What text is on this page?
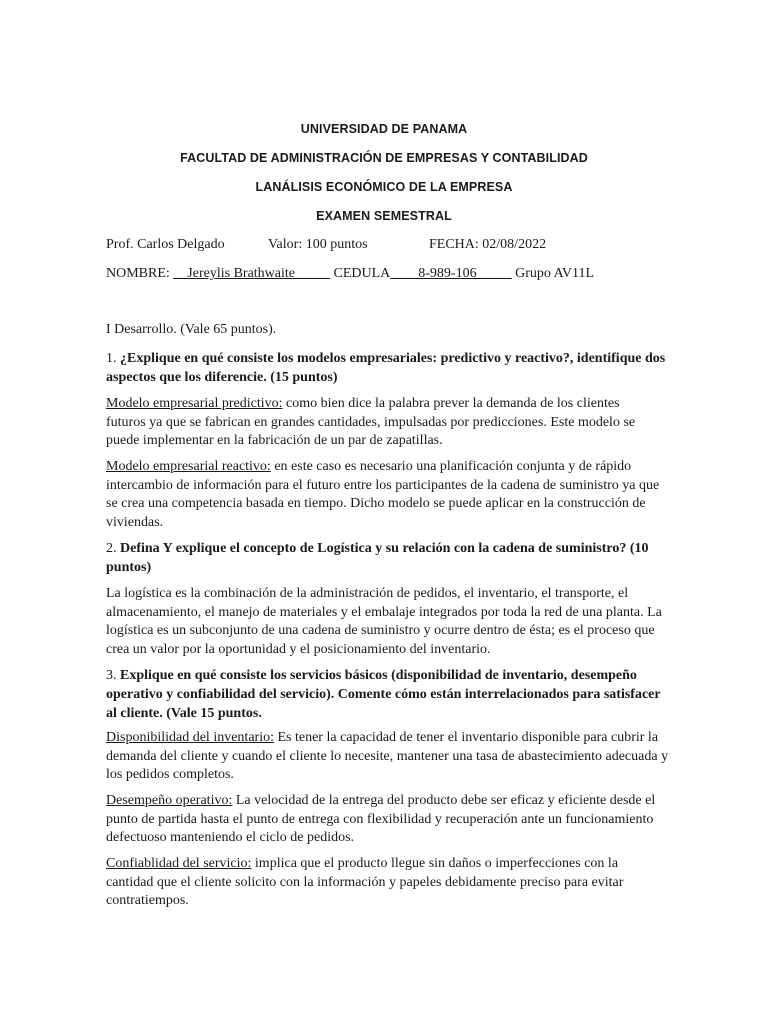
UNIVERSIDAD DE PANAMA
FACULTAD DE ADMINISTRACIÓN DE EMPRESAS Y CONTABILIDAD
LANÁLISIS ECONÓMICO DE LA EMPRESA
EXAMEN SEMESTRAL
Prof. Carlos Delgado	Valor: 100 puntos	FECHA: 02/08/2022
NOMBRE: __Jereylis Brathwaite_____ CEDULA____8-989-106_____ Grupo AV11L
I Desarrollo. (Vale 65 puntos).
1. ¿Explique en qué consiste los modelos empresariales: predictivo y reactivo?, identifique dos aspectos que los diferencie. (15 puntos)
Modelo empresarial predictivo: como bien dice la palabra prever la demanda de los clientes futuros ya que se fabrican en grandes cantidades, impulsadas por predicciones. Este modelo se puede implementar en la fabricación de un par de zapatillas.
Modelo empresarial reactivo: en este caso es necesario una planificación conjunta y de rápido intercambio de información para el futuro entre los participantes de la cadena de suministro ya que se crea una competencia basada en tiempo. Dicho modelo se puede aplicar en la construcción de viviendas.
2. Defina Y explique el concepto de Logística y su relación con la cadena de suministro? (10 puntos)
La logística es la combinación de la administración de pedidos, el inventario, el transporte, el almacenamiento, el manejo de materiales y el embalaje integrados por toda la red de una planta. La logística es un subconjunto de una cadena de suministro y ocurre dentro de ésta; es el proceso que crea un valor por la oportunidad y el posicionamiento del inventario.
3. Explique en qué consiste los servicios básicos (disponibilidad de inventario, desempeño operativo y confiabilidad del servicio). Comente cómo están interrelacionados para satisfacer al cliente. (Vale 15 puntos.
Disponibilidad del inventario: Es tener la capacidad de tener el inventario disponible para cubrir la demanda del cliente y cuando el cliente lo necesite, mantener una tasa de abastecimiento adecuada y los pedidos completos.
Desempeño operativo: La velocidad de la entrega del producto debe ser eficaz y eficiente desde el punto de partida hasta el punto de entrega con flexibilidad y recuperación ante un funcionamiento defectuoso manteniendo el ciclo de pedidos.
Confiablidad del servicio: implica que el producto llegue sin daños o imperfecciones con la cantidad que el cliente solicito con la información y papeles debidamente preciso para evitar contratiempos.
